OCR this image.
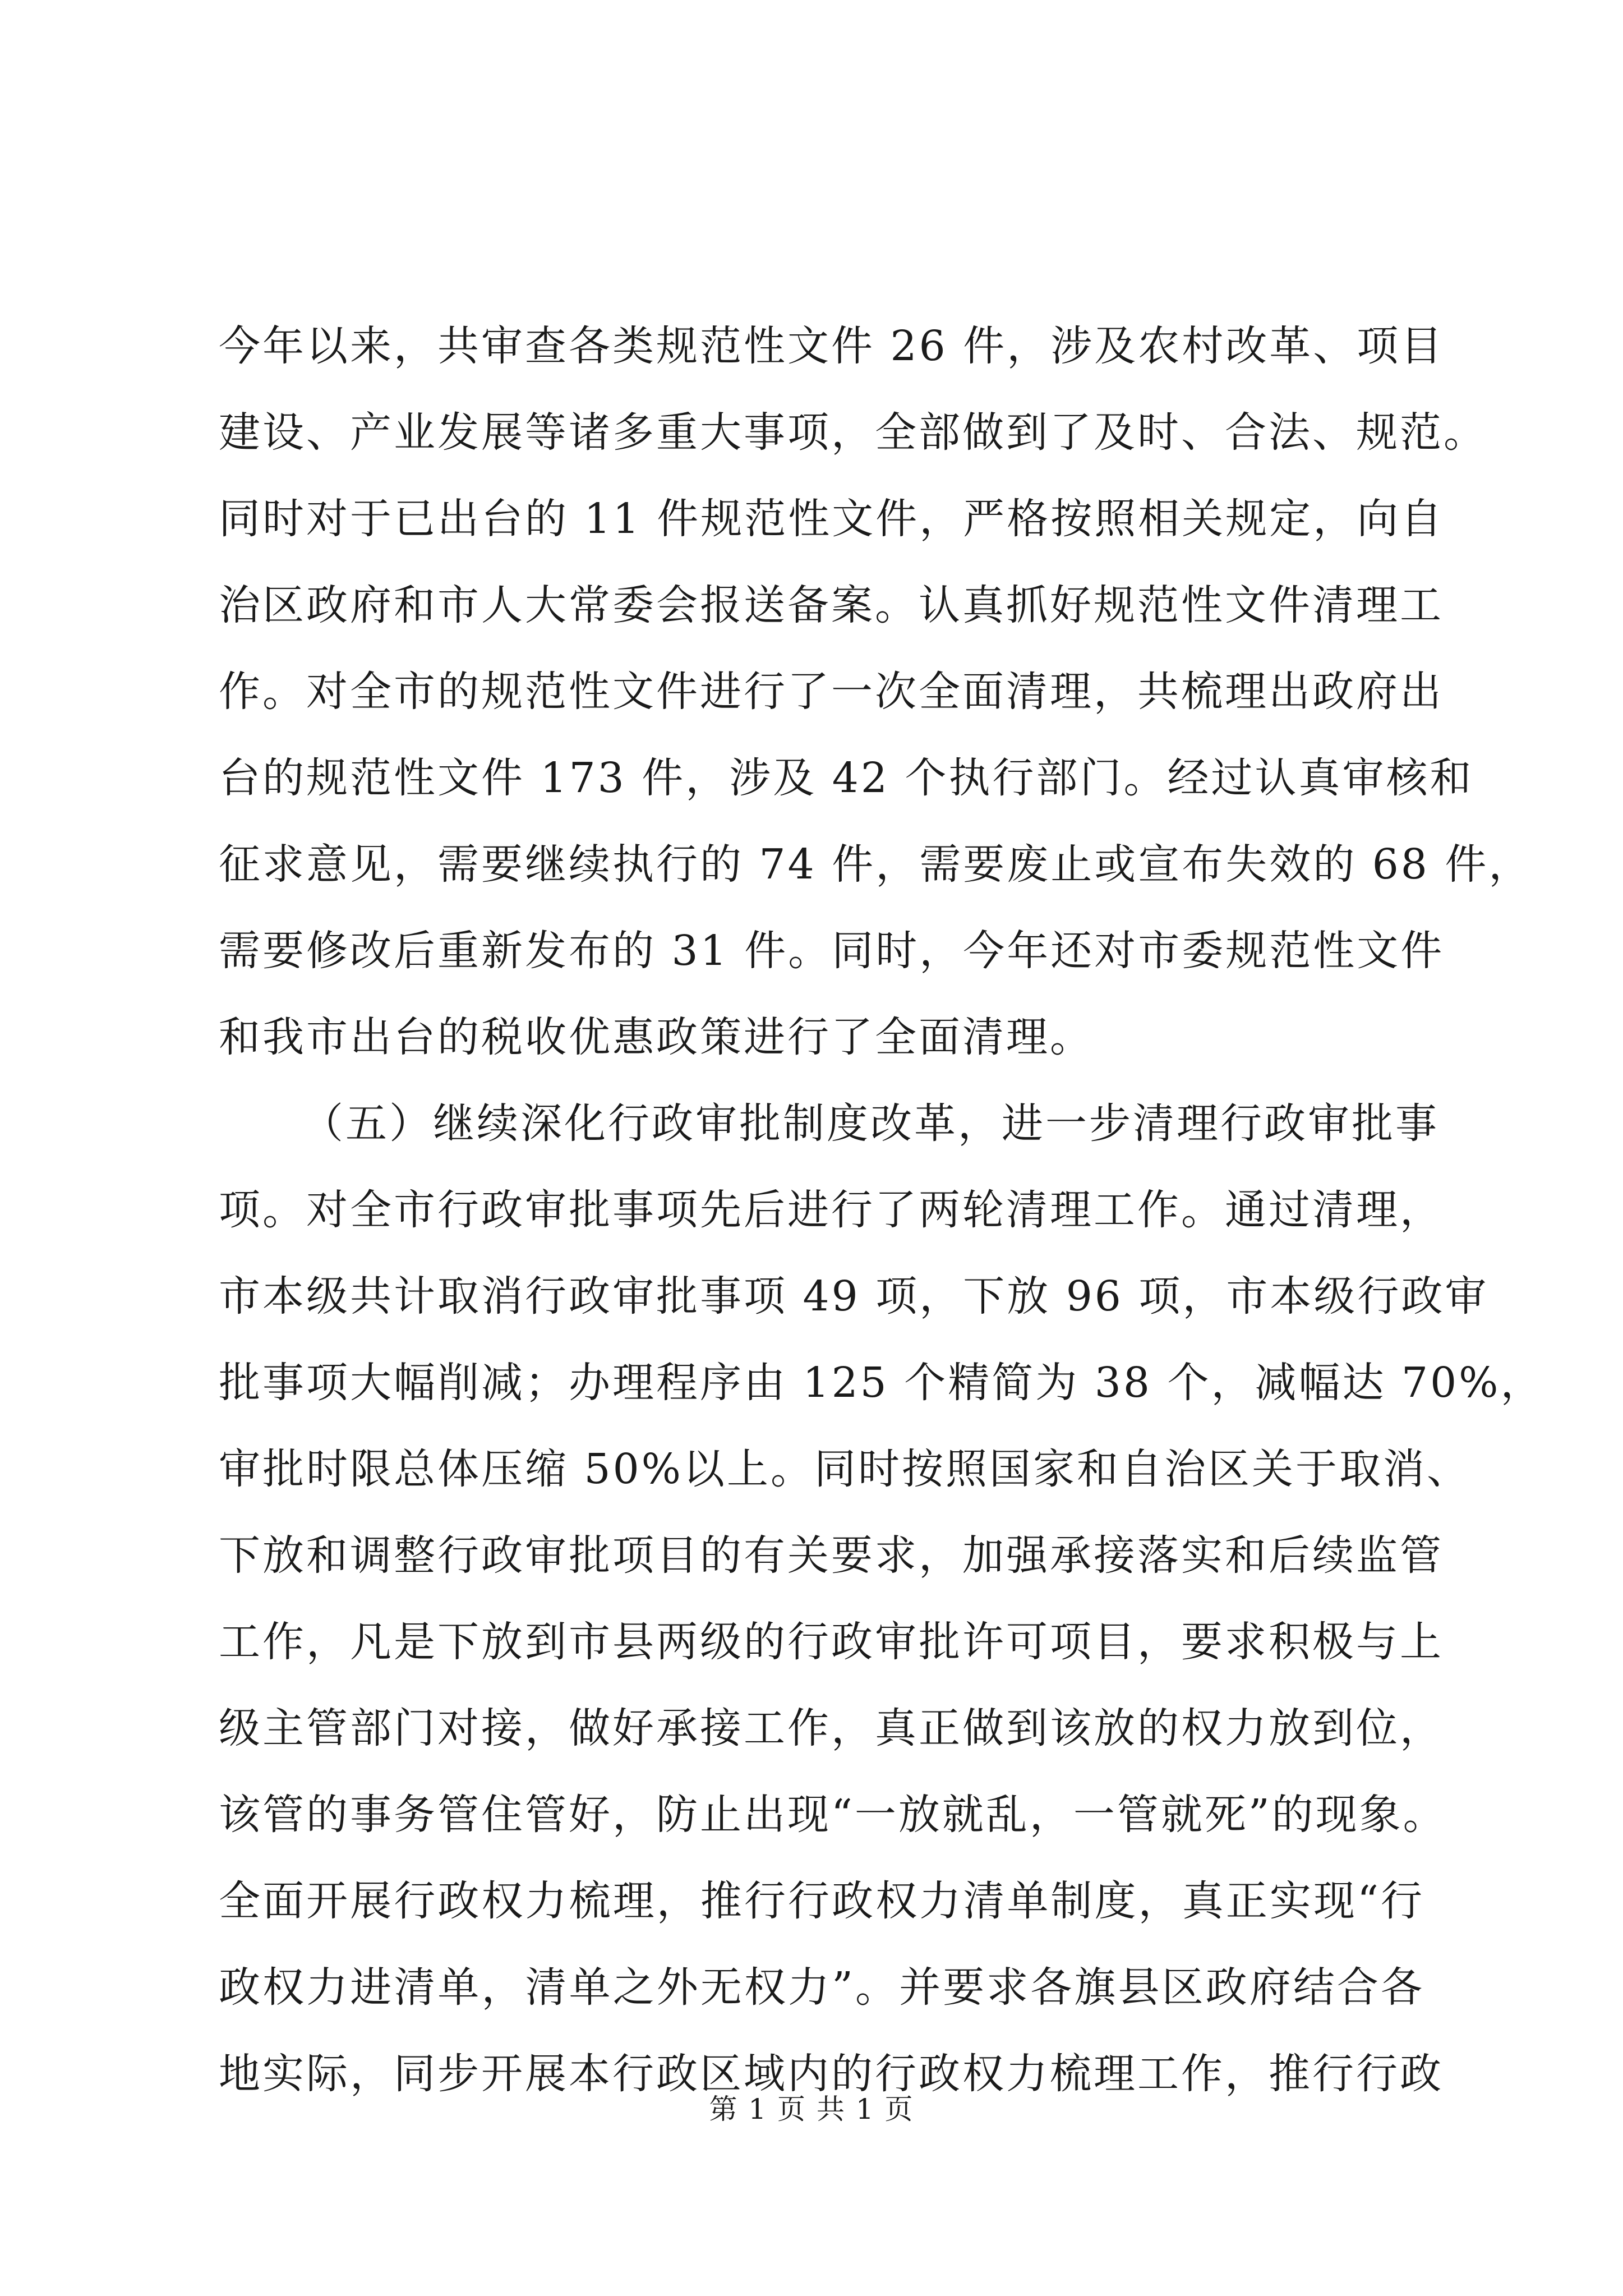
今年以来，共审查各类规范性文件 26 件，涉及农村改革、项目
建设、产业发展等诸多重大事项，全部做到了及时、合法、规范。
同时对于已出台的 11 件规范性文件，严格按照相关规定，向自
治区政府和市人大常委会报送备案。认真抓好规范性文件清理工
作。对全市的规范性文件进行了一次全面清理，共梳理出政府出
台的规范性文件 173 件，涉及 42 个执行部门。经过认真审核和
征求意见，需要继续执行的 74 件，需要废止或宣布失效的 68 件，
需要修改后重新发布的 31 件。同时，今年还对市委规范性文件
和我市出台的税收优惠政策进行了全面清理。
（五）继续深化行政审批制度改革，进一步清理行政审批事
项。对全市行政审批事项先后进行了两轮清理工作。通过清理，
市本级共计取消行政审批事项 49 项，下放 96 项，市本级行政审
批事项大幅削减；办理程序由 125 个精简为 38 个，减幅达 70%，
审批时限总体压缩 50%以上。同时按照国家和自治区关于取消、
下放和调整行政审批项目的有关要求，加强承接落实和后续监管
工作，凡是下放到市县两级的行政审批许可项目，要求积极与上
级主管部门对接，做好承接工作，真正做到该放的权力放到位，
该管的事务管住管好，防止出现“一放就乱，一管就死”的现象。
全面开展行政权力梳理，推行行政权力清单制度，真正实现“行
政权力进清单，清单之外无权力”。并要求各旗县区政府结合各
地实际，同步开展本行政区域内的行政权力梳理工作，推行行政
第 1 页 共 1 页
